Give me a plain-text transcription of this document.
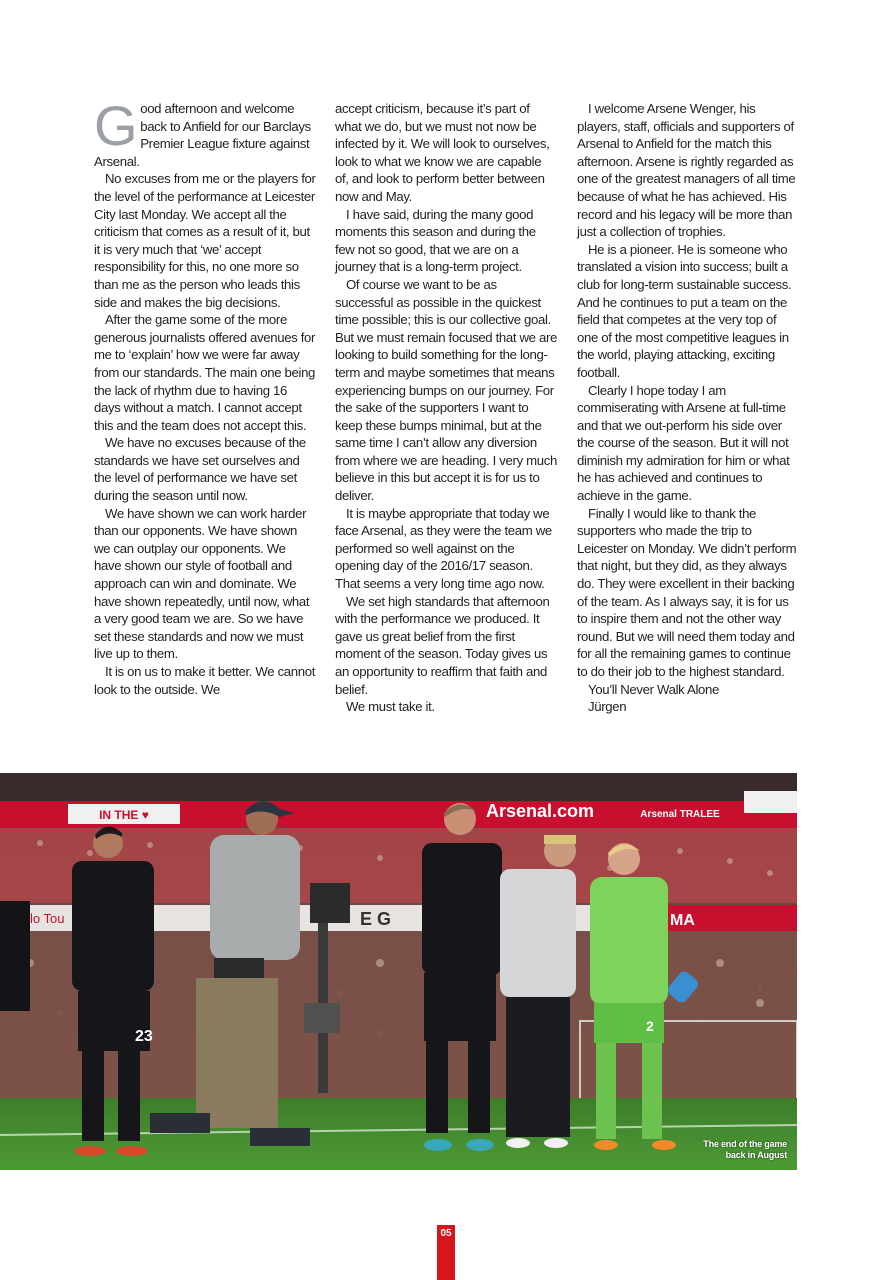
Good afternoon and welcome back to Anfield for our Barclays Premier League fixture against Arsenal.

No excuses from me or the players for the level of the performance at Leicester City last Monday. We accept all the criticism that comes as a result of it, but it is very much that ‘we’ accept responsibility for this, no one more so than me as the person who leads this side and makes the big decisions.

After the game some of the more generous journalists offered avenues for me to ‘explain’ how we were far away from our standards. The main one being the lack of rhythm due to having 16 days without a match. I cannot accept this and the team does not accept this.

We have no excuses because of the standards we have set ourselves and the level of performance we have set during the season until now.

We have shown we can work harder than our opponents. We have shown we can outplay our opponents. We have shown our style of football and approach can win and dominate. We have shown repeatedly, until now, what a very good team we are. So we have set these standards and now we must live up to them.

It is on us to make it better. We cannot look to the outside. We

accept criticism, because it’s part of what we do, but we must not now be infected by it. We will look to ourselves, look to what we know we are capable of, and look to perform better between now and May.

I have said, during the many good moments this season and during the few not so good, that we are on a journey that is a long-term project.

Of course we want to be as successful as possible in the quickest time possible; this is our collective goal. But we must remain focused that we are looking to build something for the long-term and maybe sometimes that means experiencing bumps on our journey. For the sake of the supporters I want to keep these bumps minimal, but at the same time I can’t allow any diversion from where we are heading. I very much believe in this but accept it is for us to deliver.

It is maybe appropriate that today we face Arsenal, as they were the team we performed so well against on the opening day of the 2016/17 season. That seems a very long time ago now.

We set high standards that afternoon with the performance we produced. It gave us great belief from the first moment of the season. Today gives us an opportunity to reaffirm that faith and belief.

We must take it.

I welcome Arsene Wenger, his players, staff, officials and supporters of Arsenal to Anfield for the match this afternoon. Arsene is rightly regarded as one of the greatest managers of all time because of what he has achieved. His record and his legacy will be more than just a collection of trophies.

He is a pioneer. He is someone who translated a vision into success; built a club for long-term sustainable success. And he continues to put a team on the field that competes at the very top of one of the most competitive leagues in the world, playing attacking, exciting football.

Clearly I hope today I am commiserating with Arsene at full-time and that we out-perform his side over the course of the season. But it will not diminish my admiration for him or what he has achieved and continues to achieve in the game.

Finally I would like to thank the supporters who made the trip to Leicester on Monday. We didn’t perform that night, but they did, as they always do. They were excellent in their backing of the team. As I always say, it is for us to inspire them and not the other way round. But we will need them today and for all the remaining games to continue to do their job to the highest standard.

You’ll Never Walk Alone

Jürgen

IN THE ♥	Arsenal.com	Arsenal TRALEE
lo Tou	E G	MA
23
2
The end of the game
back in August
05
